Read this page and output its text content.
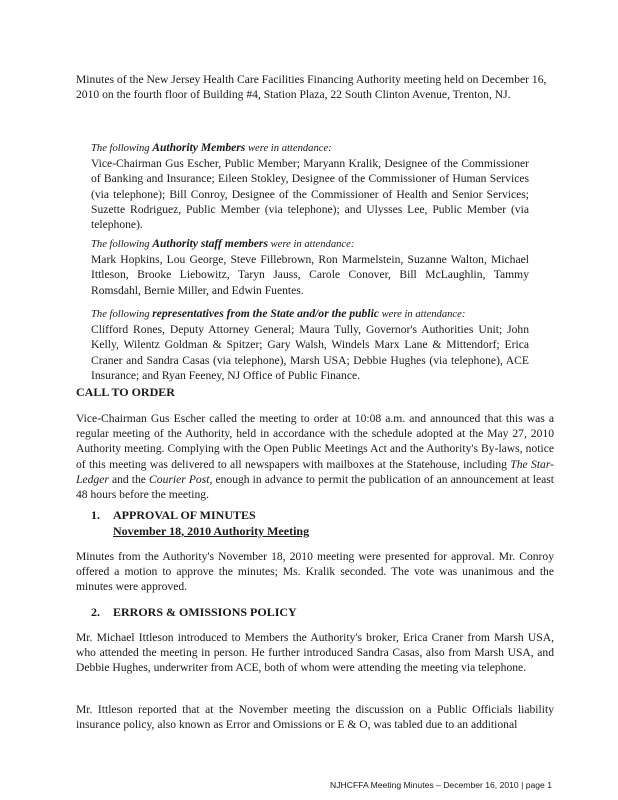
Minutes of the New Jersey Health Care Facilities Financing Authority meeting held on December 16, 2010 on the fourth floor of Building #4, Station Plaza, 22 South Clinton Avenue, Trenton, NJ.
The following Authority Members were in attendance:
Vice-Chairman Gus Escher, Public Member; Maryann Kralik, Designee of the Commissioner of Banking and Insurance; Eileen Stokley, Designee of the Commissioner of Human Services (via telephone); Bill Conroy, Designee of the Commissioner of Health and Senior Services; Suzette Rodriguez, Public Member (via telephone); and Ulysses Lee, Public Member (via telephone).
The following Authority staff members were in attendance:
Mark Hopkins, Lou George, Steve Fillebrown, Ron Marmelstein, Suzanne Walton, Michael Ittleson, Brooke Liebowitz, Taryn Jauss, Carole Conover, Bill McLaughlin, Tammy Romsdahl, Bernie Miller, and Edwin Fuentes.
The following representatives from the State and/or the public were in attendance:
Clifford Rones, Deputy Attorney General; Maura Tully, Governor's Authorities Unit; John Kelly, Wilentz Goldman & Spitzer; Gary Walsh, Windels Marx Lane & Mittendorf; Erica Craner and Sandra Casas (via telephone), Marsh USA; Debbie Hughes (via telephone), ACE Insurance; and Ryan Feeney, NJ Office of Public Finance.
CALL TO ORDER
Vice-Chairman Gus Escher called the meeting to order at 10:08 a.m. and announced that this was a regular meeting of the Authority, held in accordance with the schedule adopted at the May 27, 2010 Authority meeting. Complying with the Open Public Meetings Act and the Authority's By-laws, notice of this meeting was delivered to all newspapers with mailboxes at the Statehouse, including The Star-Ledger and the Courier Post, enough in advance to permit the publication of an announcement at least 48 hours before the meeting.
1. APPROVAL OF MINUTES
November 18, 2010 Authority Meeting
Minutes from the Authority's November 18, 2010 meeting were presented for approval. Mr. Conroy offered a motion to approve the minutes; Ms. Kralik seconded. The vote was unanimous and the minutes were approved.
2. ERRORS & OMISSIONS POLICY
Mr. Michael Ittleson introduced to Members the Authority's broker, Erica Craner from Marsh USA, who attended the meeting in person. He further introduced Sandra Casas, also from Marsh USA, and Debbie Hughes, underwriter from ACE, both of whom were attending the meeting via telephone.
Mr. Ittleson reported that at the November meeting the discussion on a Public Officials liability insurance policy, also known as Error and Omissions or E & O, was tabled due to an additional
NJHCFFA Meeting Minutes – December 16, 2010 | page 1
